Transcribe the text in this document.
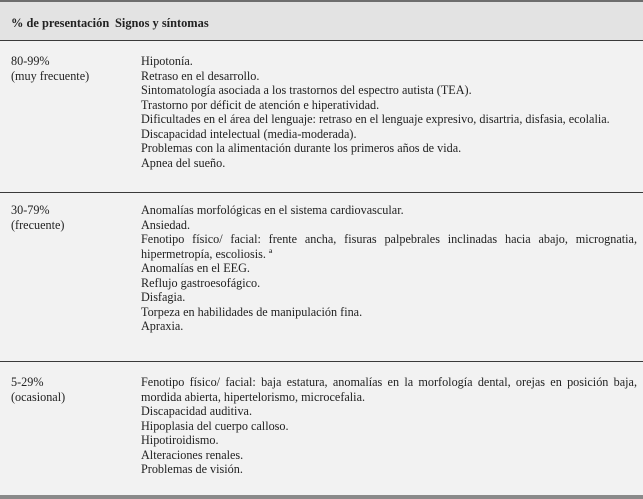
% de presentación Signos y síntomas
80-99%
(muy frecuente)
Hipotonía.
Retraso en el desarrollo.
Sintomatología asociada a los trastornos del espectro autista (TEA).
Trastorno por déficit de atención e hiperatividad.
Dificultades en el área del lenguaje: retraso en el lenguaje expresivo, disartria, disfasia, ecolalia.
Discapacidad intelectual (media-moderada).
Problemas con la alimentación durante los primeros años de vida.
Apnea del sueño.
30-79%
(frecuente)
Anomalías morfológicas en el sistema cardiovascular.
Ansiedad.
Fenotipo físico/ facial: frente ancha, fisuras palpebrales inclinadas hacia abajo, micrognatia, hipermetropía, escoliosis. ª
Anomalías en el EEG.
Reflujo gastroesofágico.
Disfagia.
Torpeza en habilidades de manipulación fina.
Apraxia.
5-29%
(ocasional)
Fenotipo físico/ facial: baja estatura, anomalías en la morfología dental, orejas en posición baja, mordida abierta, hipertelorismo, microcefalia.
Discapacidad auditiva.
Hipoplasia del cuerpo calloso.
Hipotiroidismo.
Alteraciones renales.
Problemas de visión.
